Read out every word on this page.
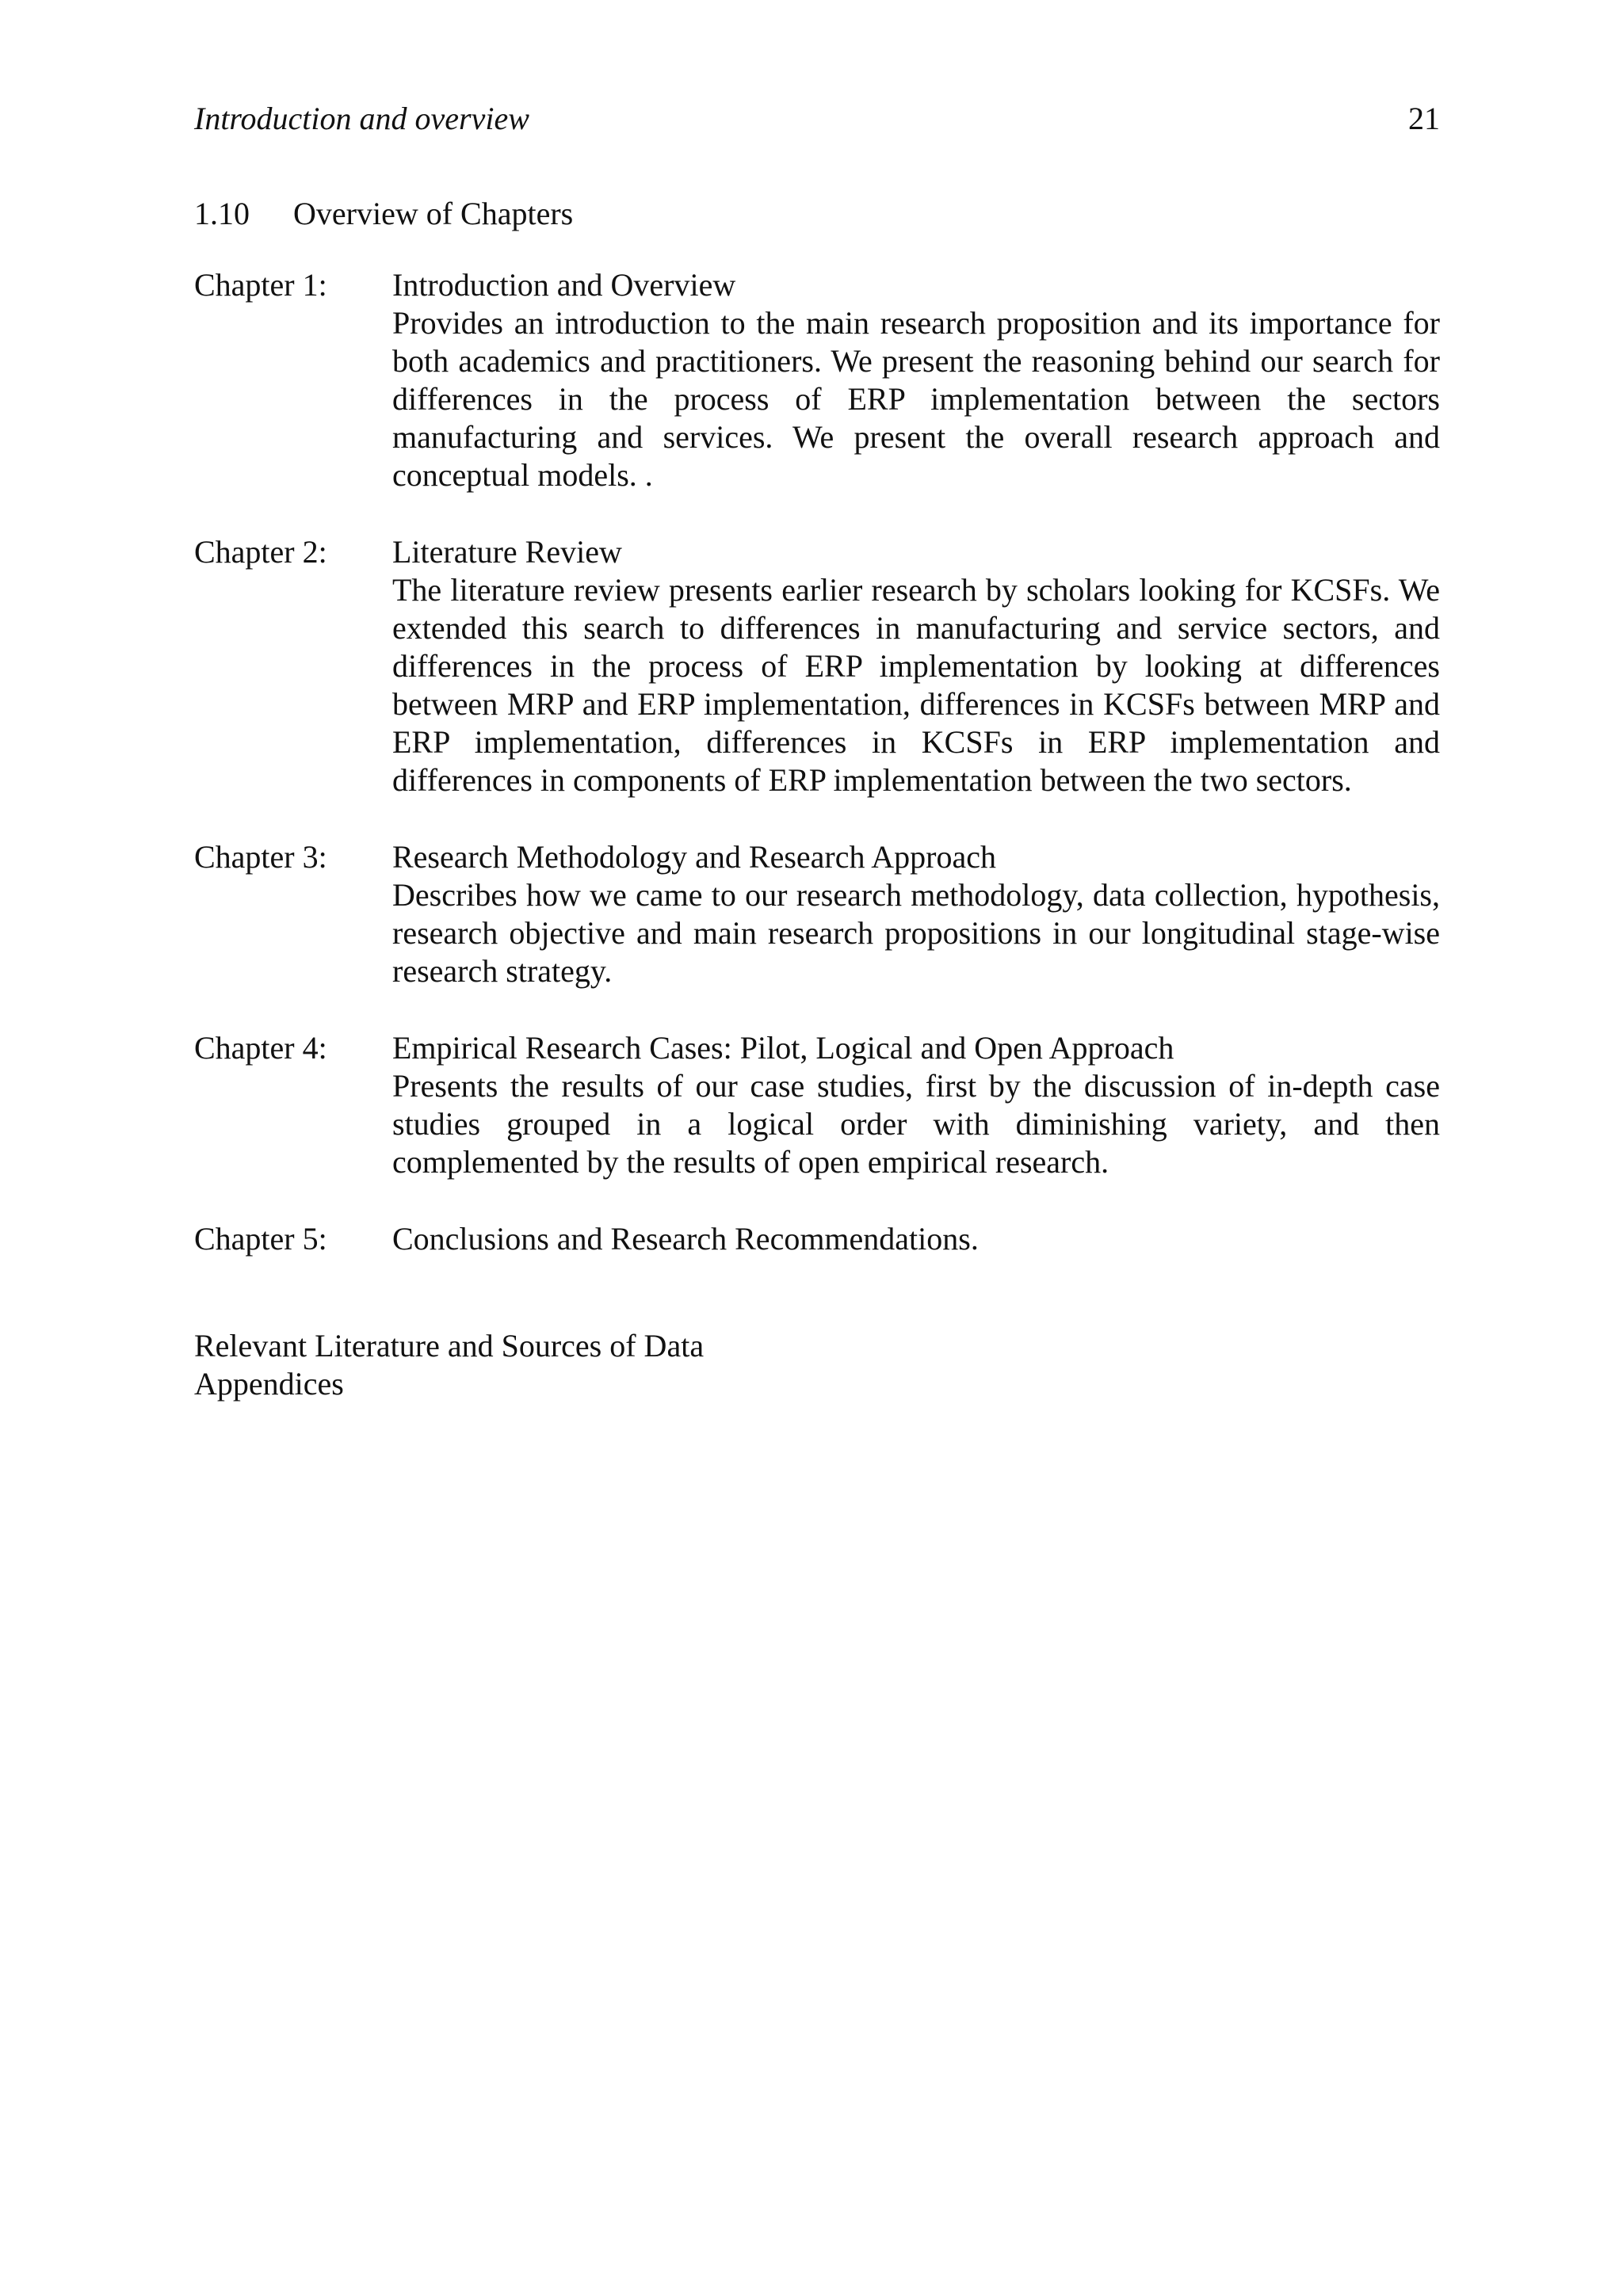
Introduction and overview	21
1.10 Overview of Chapters
Chapter 1: Introduction and Overview
Provides an introduction to the main research proposition and its importance for both academics and practitioners. We present the reasoning behind our search for differences in the process of ERP implementation between the sectors manufacturing and services. We present the overall research approach and conceptual models. .
Chapter 2: Literature Review
The literature review presents earlier research by scholars looking for KCSFs. We extended this search to differences in manufacturing and service sectors, and differences in the process of ERP implementation by looking at differences between MRP and ERP implementation, differences in KCSFs between MRP and ERP implementation, differences in KCSFs in ERP implementation and differences in components of ERP implementation between the two sectors.
Chapter 3: Research Methodology and Research Approach
Describes how we came to our research methodology, data collection, hypothesis, research objective and main research propositions in our longitudinal stage-wise research strategy.
Chapter 4: Empirical Research Cases: Pilot, Logical and Open Approach
Presents the results of our case studies, first by the discussion of in-depth case studies grouped in a logical order with diminishing variety, and then complemented by the results of open empirical research.
Chapter 5: Conclusions and Research Recommendations.
Relevant Literature and Sources of Data
Appendices
